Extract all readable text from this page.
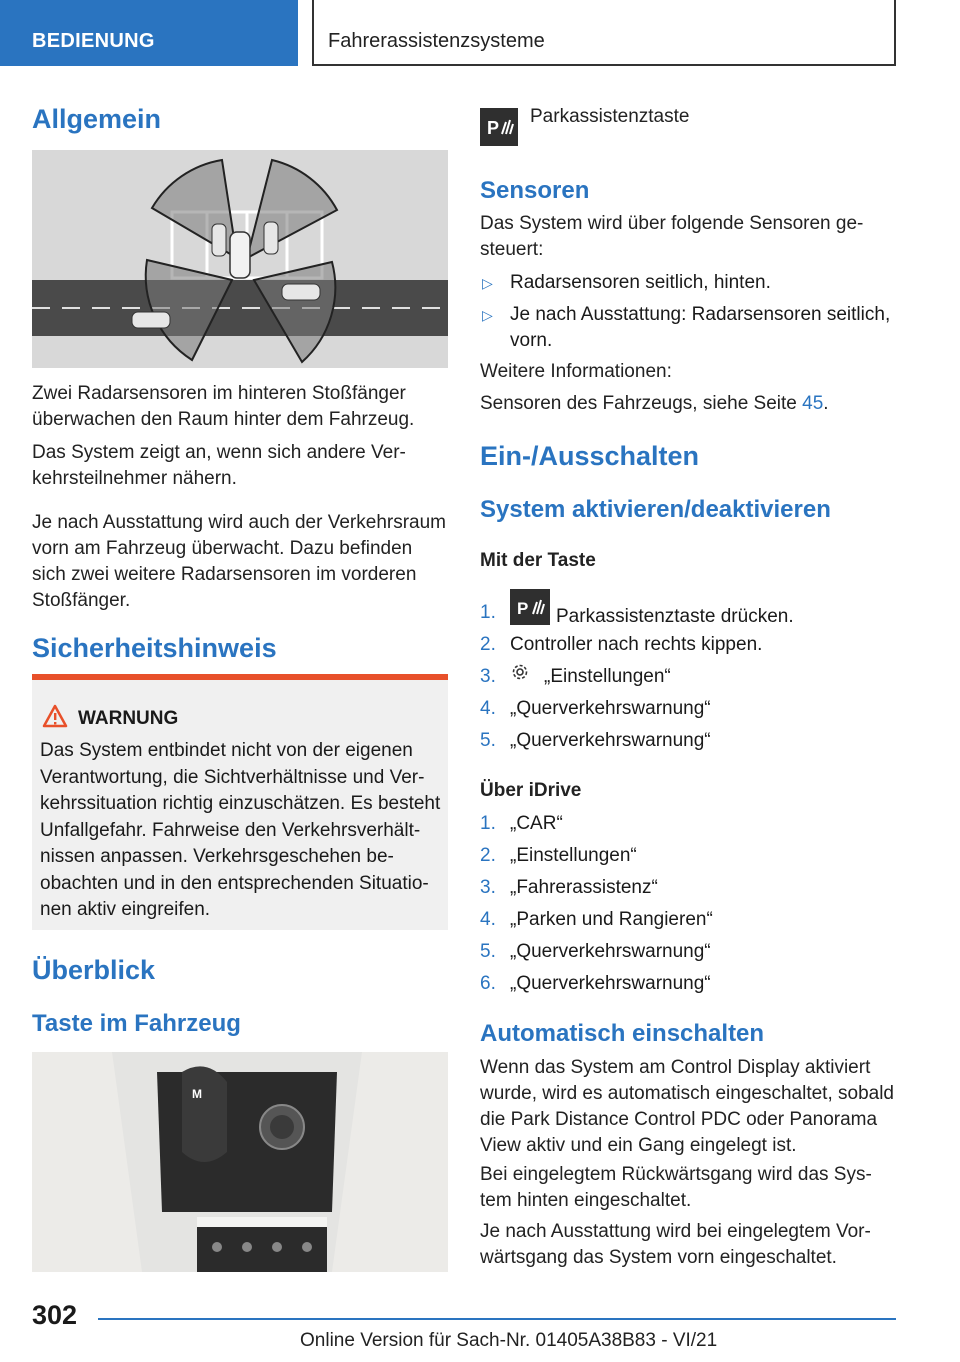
BEDIENUNG	Fahrerassistenzsysteme
Allgemein
Zwei Radarsensoren im hinteren Stoßfänger überwachen den Raum hinter dem Fahrzeug.
Das System zeigt an, wenn sich andere Verkehrsteilnehmer nähern.
Je nach Ausstattung wird auch der Verkehrsraum vorn am Fahrzeug überwacht. Dazu befinden sich zwei weitere Radarsensoren im vorderen Stoßfänger.
Sicherheitshinweis
WARNUNG
Das System entbindet nicht von der eigenen Verantwortung, die Sichtverhältnisse und Verkehrssituation richtig einzuschätzen. Es besteht Unfallgefahr. Fahrweise den Verkehrsverhältnissen anpassen. Verkehrsgeschehen beobachten und in den entsprechenden Situationen aktiv eingreifen.
Überblick
Taste im Fahrzeug
M
P
Parkassistenztaste
Sensoren
Das System wird über folgende Sensoren gesteuert:
▷ Radarsensoren seitlich, hinten.
▷ Je nach Ausstattung: Radarsensoren seitlich, vorn.
Weitere Informationen:
Sensoren des Fahrzeugs, siehe Seite 45.
Ein-/Ausschalten
System aktivieren/deaktivieren
Mit der Taste
1. P Parkassistenztaste drücken.
2. Controller nach rechts kippen.
3.	„Einstellungen“
4. „Querverkehrswarnung“
5. „Querverkehrswarnung“
Über iDrive
1. „CAR“
2. „Einstellungen“
3. „Fahrerassistenz“
4. „Parken und Rangieren“
5. „Querverkehrswarnung“
6. „Querverkehrswarnung“
Automatisch einschalten
Wenn das System am Control Display aktiviert wurde, wird es automatisch eingeschaltet, sobald die Park Distance Control PDC oder Panorama View aktiv und ein Gang eingelegt ist.
Bei eingelegtem Rückwärtsgang wird das System hinten eingeschaltet.
Je nach Ausstattung wird bei eingelegtem Vorwärtsgang das System vorn eingeschaltet.
302
Online Version für Sach-Nr. 01405A38B83 - VI/21
